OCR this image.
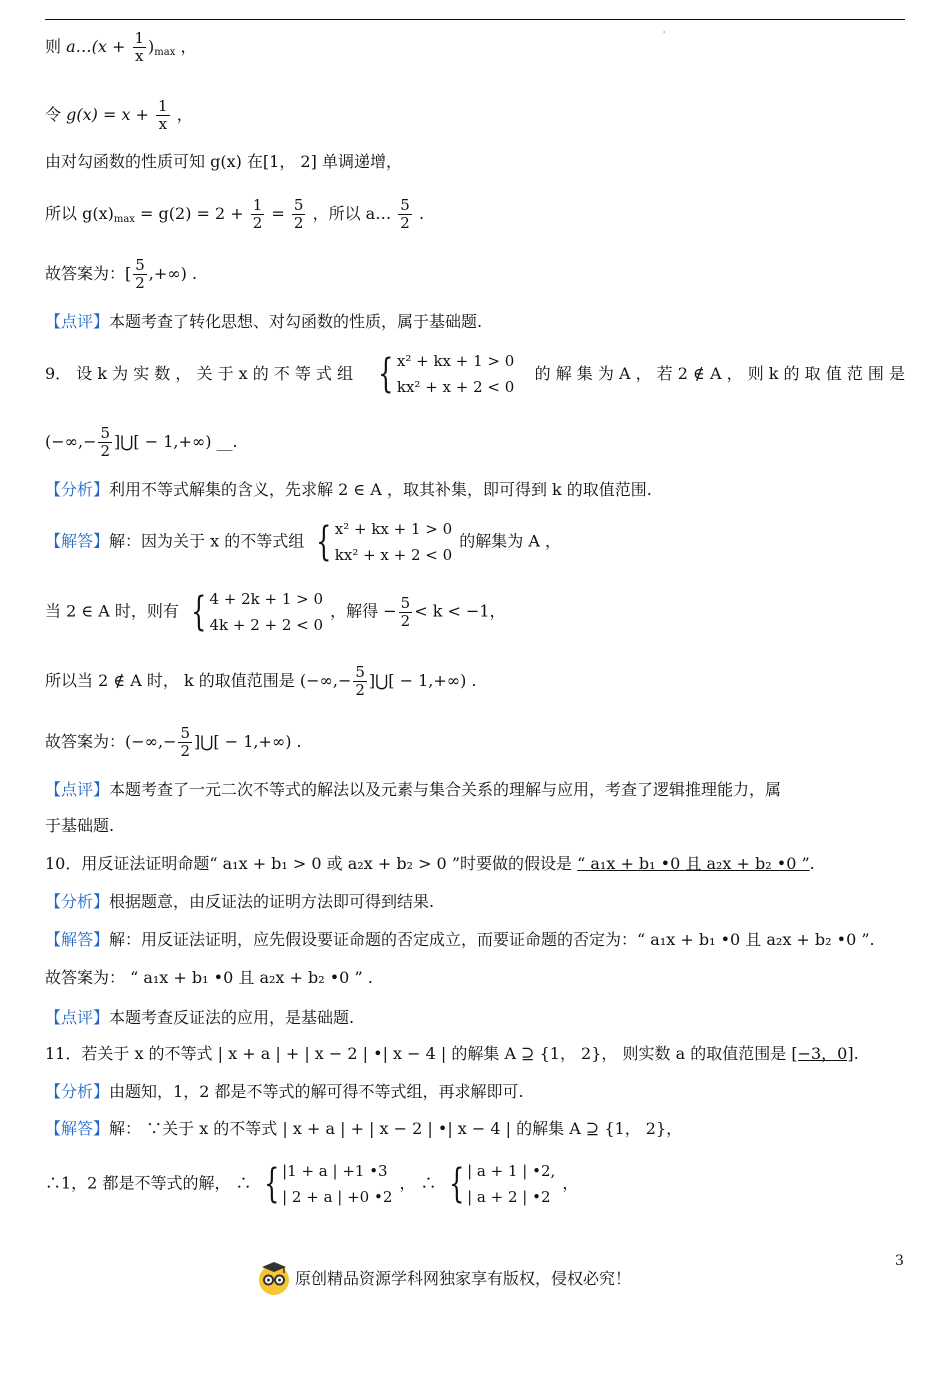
'
则 a…(x + $\frac{1}{x} )_{max}$ ，
令 $g(x) = x + \frac{1}{x}$ ，
由对勾函数的性质可知 g(x) 在[1， 2] 单调递增，
所以 $g(x)_{max} = g(2) = 2 + \frac{1}{2} = \frac{5}{2}$ ，所以 a… $\frac{5}{2}$ .
故答案为：[ $\frac{5}{2}$ ,+∞) .
【点评】本题考查了转化思想、对勾函数的性质，属于基础题.
9． 设 k 为 实 数 ， 关 于 x 的 不 等 式 组 { x² + kx + 1 > 0
kx² + x + 2 < 0
的 解 集 为 A ， 若 2 ∉ A ， 则 k 的 取 值 范 围 是
(−∞,− $\frac{5}{2}$ ]⋃[ − 1,+∞) __.
【分析】利用不等式解集的含义，先求解 2 ∈ A ，取其补集，即可得到 k 的取值范围.
【解答】解：因为关于 x 的不等式组 { x² + kx + 1 > 0
kx² + x + 2 < 0
的解集为 A ，
当 2 ∈ A 时，则有 { 4 + 2k + 1 > 0
4k + 2 + 2 < 0
，解得 − $\frac{5}{2} < k < -1$，
所以当 2 ∉ A 时， k 的取值范围是 (−∞,− $\frac{5}{2}$ ]⋃[ − 1,+∞) .
故答案为：(−∞,− $\frac{5}{2}$ ]⋃[ − 1,+∞) .
【点评】本题考查了一元二次不等式的解法以及元素与集合关系的理解与应用，考查了逻辑推理能力，属
于基础题.
10．用反证法证明命题“ a₁x + b₁ > 0 或 a₂x + b₂ > 0 ”时要做的假设是 “ a₁x + b₁ •0 且 a₂x + b₂ •0 ”.
【分析】根据题意，由反证法的证明方法即可得到结果.
【解答】解：用反证法证明，应先假设要证命题的否定成立，而要证命题的否定为：“ a₁x + b₁ •0 且 a₂x + b₂ •0 ”.
故答案为： “ a₁x + b₁ •0 且 a₂x + b₂ •0 ” .
【点评】本题考查反证法的应用，是基础题.
11．若关于 x 的不等式 | x + a | + | x − 2 | •| x − 4 | 的解集 A ⊇ {1， 2}， 则实数 a 的取值范围是 [−3，0].
【分析】由题知，1，2 都是不等式的解可得不等式组，再求解即可.
【解答】解： ∵关于 x 的不等式 | x + a | + | x − 2 | •| x − 4 | 的解集 A ⊇ {1， 2}，
∴1，2 都是不等式的解， ∴ { |1 + a | +1 •3
| 2 + a | +0 •2
， ∴ { | a + 1 | •2,
| a + 2 | •2
，
原创精品资源学科网独家享有版权，侵权必究！
3
